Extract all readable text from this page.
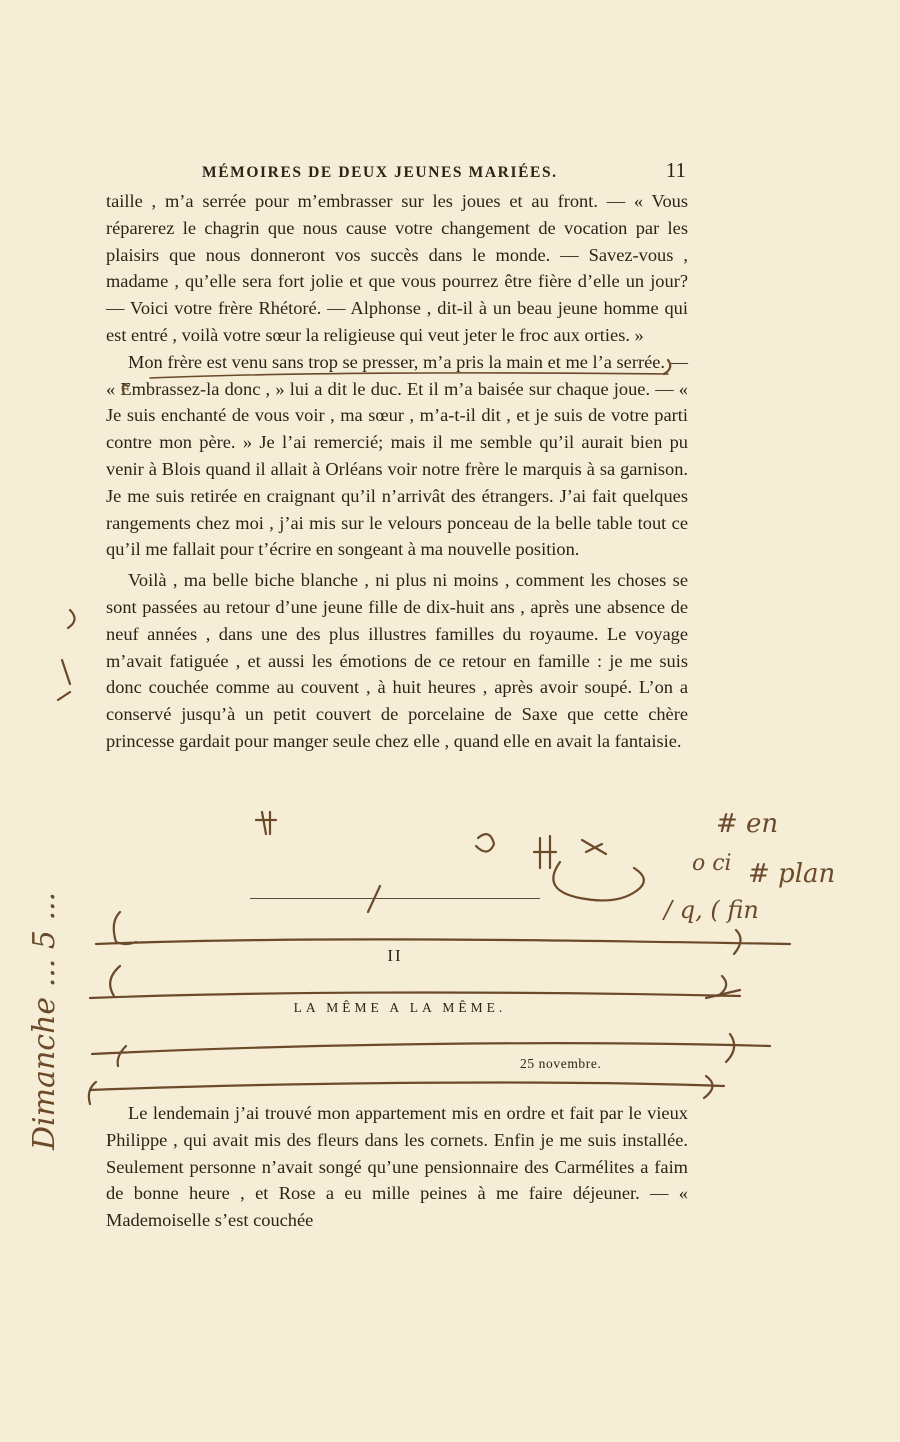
MÉMOIRES DE DEUX JEUNES MARIÉES.	11

taille , m’a serrée pour m’embrasser sur les joues et au front. — « Vous réparerez le chagrin que nous cause votre changement de vocation par les plaisirs que nous donneront vos succès dans le monde. — Savez-vous , madame , qu’elle sera fort jolie et que vous pourrez être fière d’elle un jour? — Voici votre frère Rhétoré. — Alphonse , dit-il à un beau jeune homme qui est entré , voilà votre sœur la religieuse qui veut jeter le froc aux orties. »

Mon frère est venu sans trop se presser, m’a pris la main et me l’a serrée. — « Embrassez-la donc , » lui a dit le duc. Et il m’a baisée sur chaque joue. — « Je suis enchanté de vous voir , ma sœur , m’a-t-il dit , et je suis de votre parti contre mon père. » Je l’ai remercié; mais il me semble qu’il aurait bien pu venir à Blois quand il allait à Orléans voir notre frère le marquis à sa garnison. Je me suis retirée en craignant qu’il n’arrivât des étrangers. J’ai fait quelques rangements chez moi , j’ai mis sur le velours ponceau de la belle table tout ce qu’il me fallait pour t’écrire en songeant à ma nouvelle position.

Voilà , ma belle biche blanche , ni plus ni moins , comment les choses se sont passées au retour d’une jeune fille de dix-huit ans , après une absence de neuf années , dans une des plus illustres familles du royaume. Le voyage m’avait fatiguée , et aussi les émotions de ce retour en famille : je me suis donc couchée comme au couvent , à huit heures , après avoir soupé. L’on a conservé jusqu’à un petit couvert de porcelaine de Saxe que cette chère princesse gardait pour manger seule chez elle , quand elle en avait la fantaisie.

II
LA MÊME A LA MÊME.
25 novembre.

Le lendemain j’ai trouvé mon appartement mis en ordre et fait par le vieux Philippe , qui avait mis des fleurs dans les cornets. Enfin je me suis installée. Seulement personne n’avait songé qu’une pensionnaire des Carmélites a faim de bonne heure , et Rose a eu mille peines à me faire déjeuner. — « Mademoiselle s’est couchée

# en
o ci # plan
/ q, ( fin
Dimanche ... 5 ...
